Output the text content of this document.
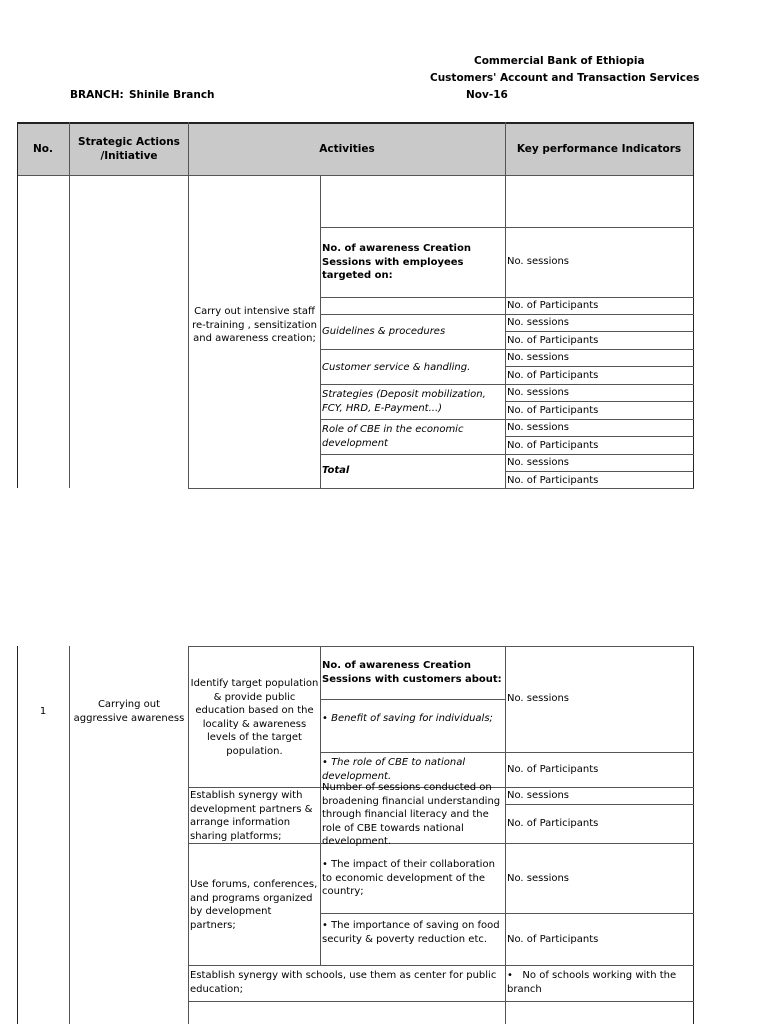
Commercial Bank of Ethiopia
Customers' Account and Transaction Services
Nov-16
BRANCH: Shinile Branch
No.
Strategic Actions /Initiative
Activities	Key performance Indicators
Carry out intensive staff re-training , sensitization and awareness creation;
No. of awareness Creation Sessions with employees targeted on:
No. sessions
Guidelines & procedures
Customer service & handling.
Strategies (Deposit mobilization, FCY, HRD, E-Payment...)
Role of CBE in the economic development
Total
No. of Participants
No. sessions
No. of Participants
No. sessions
No. of Participants
No. sessions
No. of Participants
No. sessions
No. of Participants
No. sessions
No. of Participants
1
Carrying out aggressive awareness
Identify target population & provide public education based on the locality & awareness levels of the target population.
No. of awareness Creation Sessions with customers about:
• Benefit of saving for individuals;
• The role of CBE to national development.
No. sessions
No. of Participants
Establish synergy with development partners & arrange information sharing platforms;
Number of sessions conducted on broadening financial understanding through financial literacy and the role of CBE towards national development.
No. sessions
No. of Participants
Use forums, conferences, and programs organized by development partners;
• The impact of their collaboration to economic development of the country;
• The importance of saving on food security & poverty reduction etc.
No. sessions
No. of Participants
Establish synergy with schools, use them as center for public education;
•   No of schools working with the branch
